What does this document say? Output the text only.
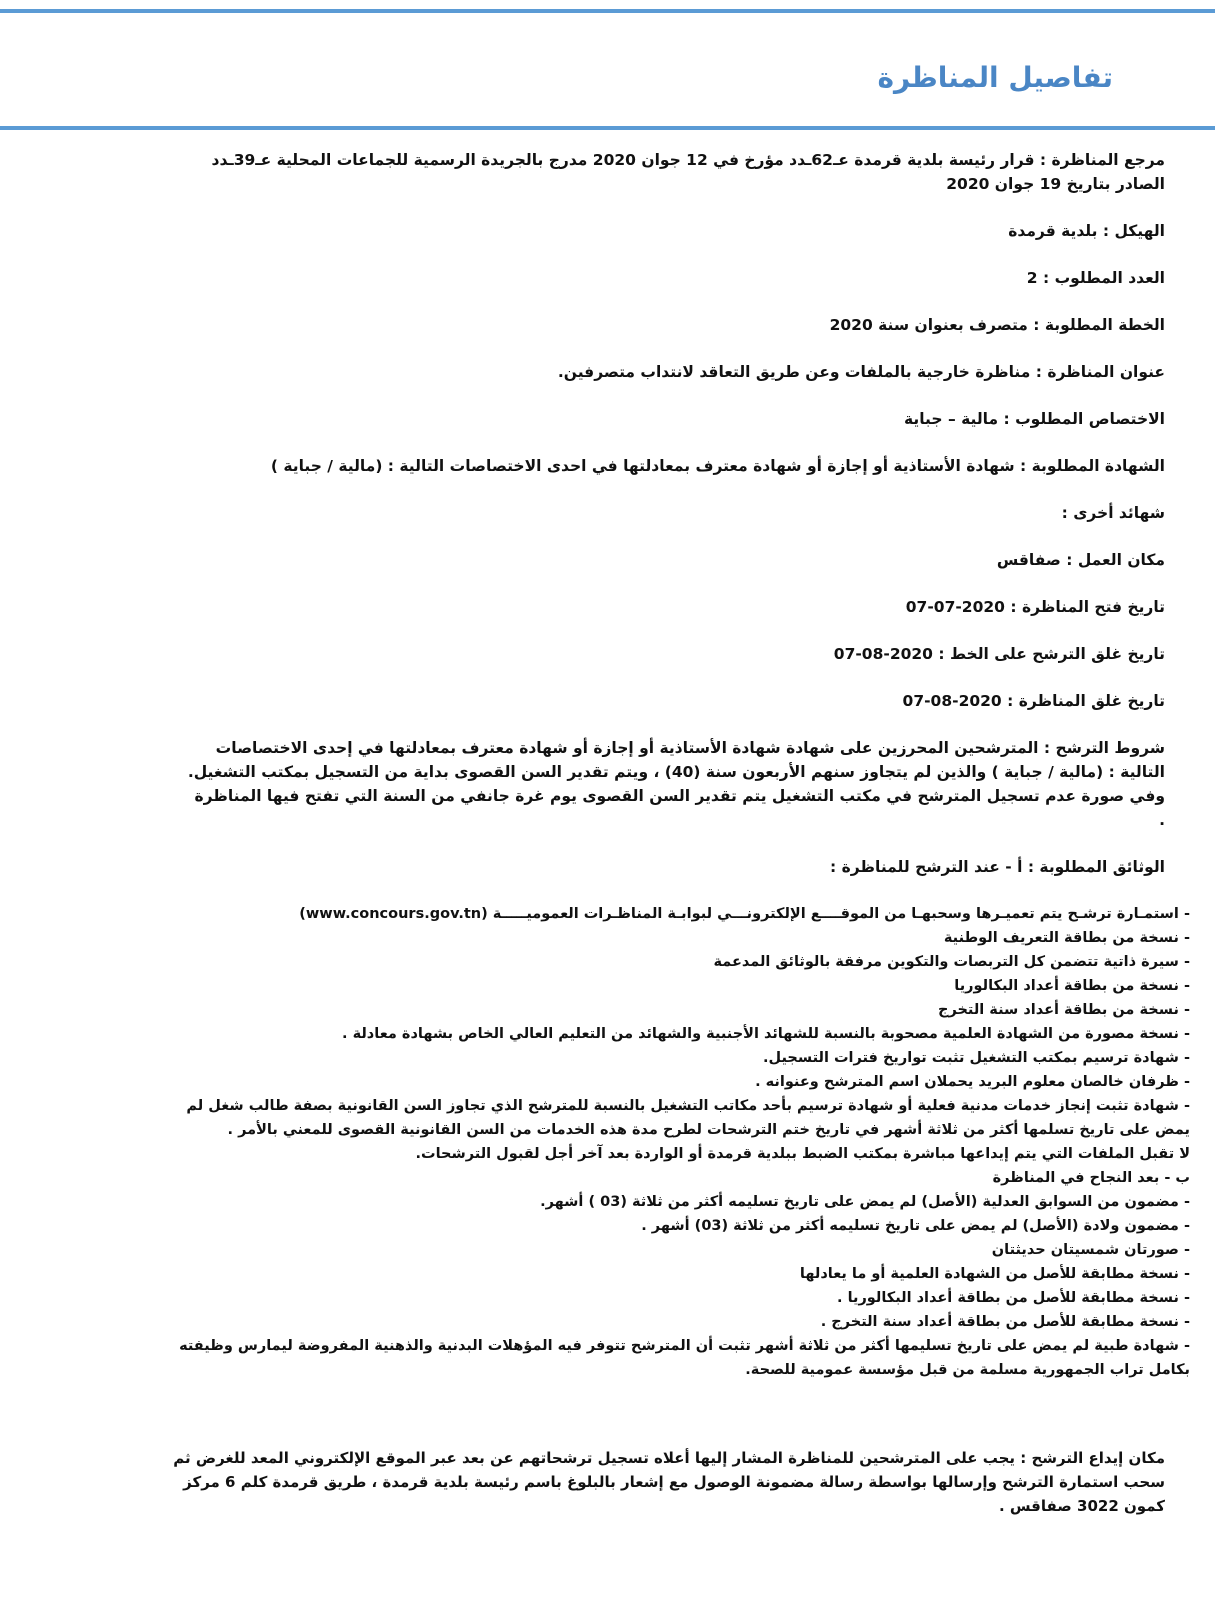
تفاصيل المناظرة
مرجع المناظرة : قرار رئيسة بلدية قرمدة عـ62ـدد مؤرخ في 12 جوان 2020 مدرج بالجريدة الرسمية للجماعات المحلية عـ39ـدد الصادر بتاريخ 19 جوان 2020
الهيكل : بلدية قرمدة
العدد المطلوب : 2
الخطة المطلوبة : متصرف بعنوان سنة 2020
عنوان المناظرة : مناظرة خارجية بالملفات وعن طريق التعاقد لانتداب متصرفين.
الاختصاص المطلوب : مالية – جباية
الشهادة المطلوبة : شهادة الأستاذية أو إجازة أو شهادة معترف بمعادلتها في احدى الاختصاصات التالية : (مالية / جباية )
شهائد أخرى :
مكان العمل : صفاقس
تاريخ فتح المناظرة : 2020-07-07
تاريخ غلق الترشح على الخط : 2020-08-07
تاريخ غلق المناظرة : 2020-08-07
شروط الترشح : المترشحين المحرزين على شهادة شهادة الأستاذية أو إجازة أو شهادة معترف بمعادلتها في إحدى الاختصاصات التالية : (مالية / جباية ) والذين لم يتجاوز سنهم الأربعون سنة (40) ، ويتم تقدير السن القصوى بداية من التسجيل بمكتب التشغيل. وفي صورة عدم تسجيل المترشح في مكتب التشغيل يتم تقدير السن القصوى يوم غرة جانفي من السنة التي تفتح فيها المناظرة .
الوثائق المطلوبة : أ - عند الترشح للمناظرة :
- استمـارة ترشـح يتم تعميـرها وسحبهـا من الموقــــع الإلكترونـــي لبوابـة المناظـرات العموميـــــة (www.concours.gov.tn)
- نسخة من بطاقة التعريف الوطنية
- سيرة ذاتية تتضمن كل التربصات والتكوين مرفقة بالوثائق المدعمة
- نسخة من بطاقة أعداد البكالوريا
- نسخة من بطاقة أعداد سنة التخرج
- نسخة مصورة من الشهادة العلمية مصحوبة بالنسبة للشهائد الأجنبية والشهائد من التعليم العالي الخاص بشهادة معادلة .
- شهادة ترسيم بمكتب التشغيل تثبت تواريخ فترات التسجيل.
- ظرفان خالصان معلوم البريد يحملان اسم المترشح وعنوانه .
- شهادة تثبت إنجاز خدمات مدنية فعلية أو شهادة ترسيم بأحد مكاتب التشغيل بالنسبة للمترشح الذي تجاوز السن القانونية بصفة طالب شغل لم يمض على تاريخ تسلمها أكثر من ثلاثة أشهر في تاريخ ختم الترشحات لطرح مدة هذه الخدمات من السن القانونية القصوى للمعني بالأمر .
لا تقبل الملفات التي يتم إيداعها مباشرة بمكتب الضبط ببلدية قرمدة أو الواردة بعد آخر أجل لقبول الترشحات.
ب - بعد النجاح في المناظرة
- مضمون من السوابق العدلية (الأصل) لم يمض على تاريخ تسليمه أكثر من ثلاثة (03 ) أشهر.
- مضمون ولادة (الأصل) لم يمض على تاريخ تسليمه أكثر من ثلاثة (03) أشهر .
- صورتان شمسيتان حديثتان
- نسخة مطابقة للأصل من الشهادة العلمية أو ما يعادلها
- نسخة مطابقة للأصل من بطاقة أعداد البكالوريا .
- نسخة مطابقة للأصل من بطاقة أعداد سنة التخرج .
- شهادة طبية لم يمض على تاريخ تسليمها أكثر من ثلاثة أشهر تثبت أن المترشح تتوفر فيه المؤهلات البدنية والذهنية المفروضة ليمارس وظيفته بكامل تراب الجمهورية مسلمة من قبل مؤسسة عمومية للصحة.
مكان إيداع الترشح : يجب على المترشحين للمناظرة المشار إليها أعلاه تسجيل ترشحاتهم عن بعد عبر الموقع الإلكتروني المعد للغرض ثم سحب استمارة الترشح وإرسالها بواسطة رسالة مضمونة الوصول مع إشعار بالبلوغ باسم رئيسة بلدية قرمدة ، طريق قرمدة كلم 6 مركز كمون 3022 صفاقس .
